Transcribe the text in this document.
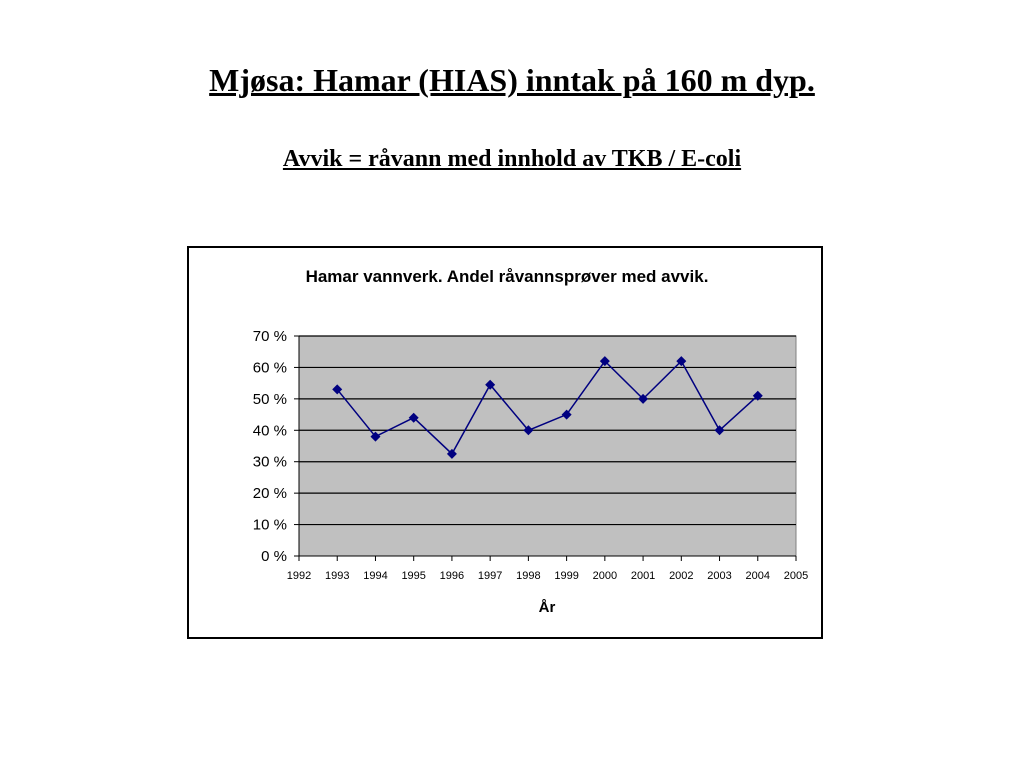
Mjøsa: Hamar (HIAS) inntak på 160 m dyp.
Avvik = råvann med innhold av TKB / E-coli
Hamar vannverk. Andel råvannsprøver med avvik.
0 %
10 %
20 %
30 %
40 %
50 %
60 %
70 %
1992 1993 1994 1995 1996 1997 1998 1999 2000 2001 2002 2003 2004 2005
År
